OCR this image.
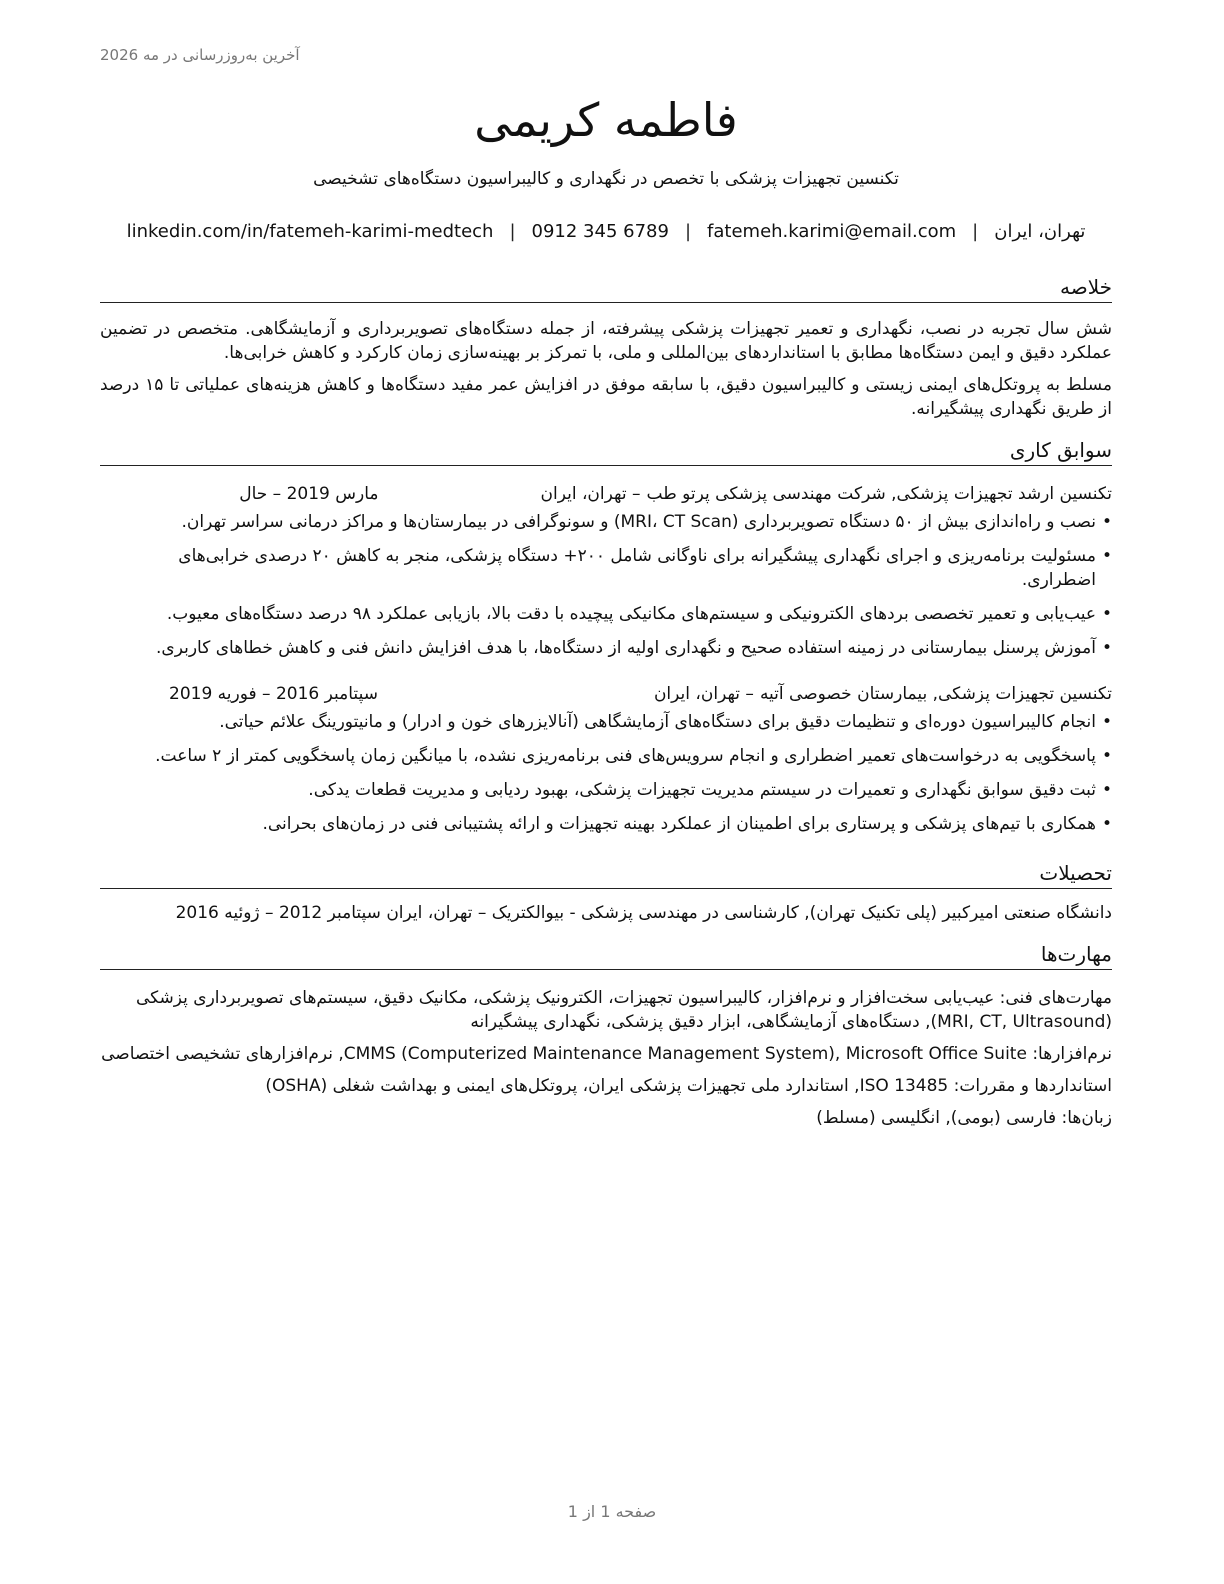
آخرین به‌روزرسانی در مه 2026
فاطمه کریمی
تکنسین تجهیزات پزشکی با تخصص در نگهداری و کالیبراسیون دستگاه‌های تشخیصی
تهران، ایران|fatemeh.karimi@email.com|0912 345 6789|linkedin.com/in/fatemeh-karimi-medtech
خلاصه

شش سال تجربه در نصب، نگهداری و تعمیر تجهیزات پزشکی پیشرفته، از جمله دستگاه‌های تصویربرداری و آزمایشگاهی. متخصص در تضمین عملکرد دقیق و ایمن دستگاه‌ها مطابق با استانداردهای بین‌المللی و ملی، با تمرکز بر بهینه‌سازی زمان کارکرد و کاهش خرابی‌ها.

مسلط به پروتکل‌های ایمنی زیستی و کالیبراسیون دقیق، با سابقه موفق در افزایش عمر مفید دستگاه‌ها و کاهش هزینه‌های عملیاتی تا ۱۵ درصد از طریق نگهداری پیشگیرانه.

سوابق کاری
تکنسین ارشد تجهیزات پزشکی, شرکت مهندسی پزشکی پرتو طب
– تهران، ایران
مارس 2019 – حال
•
نصب و راه‌اندازی بیش از ۵۰ دستگاه تصویربرداری (MRI، CT Scan) و سونوگرافی در بیمارستان‌ها و مراکز درمانی سراسر تهران.
•
مسئولیت برنامه‌ریزی و اجرای نگهداری پیشگیرانه برای ناوگانی شامل ۲۰۰+ دستگاه پزشکی، منجر به کاهش ۲۰ درصدی خرابی‌های اضطراری.
•
عیب‌یابی و تعمیر تخصصی بردهای الکترونیکی و سیستم‌های مکانیکی پیچیده با دقت بالا، بازیابی عملکرد ۹۸ درصد دستگاه‌های معیوب.
•
آموزش پرسنل بیمارستانی در زمینه استفاده صحیح و نگهداری اولیه از دستگاه‌ها، با هدف افزایش دانش فنی و کاهش خطاهای کاربری.
تکنسین تجهیزات پزشکی, بیمارستان خصوصی آتیه
– تهران، ایران
سپتامبر 2016 – فوریه 2019
•
انجام کالیبراسیون دوره‌ای و تنظیمات دقیق برای دستگاه‌های آزمایشگاهی (آنالایزرهای خون و ادرار) و مانیتورینگ علائم حیاتی.
•
پاسخگویی به درخواست‌های تعمیر اضطراری و انجام سرویس‌های فنی برنامه‌ریزی نشده، با میانگین زمان پاسخگویی کمتر از ۲ ساعت.
•
ثبت دقیق سوابق نگهداری و تعمیرات در سیستم مدیریت تجهیزات پزشکی، بهبود ردیابی و مدیریت قطعات یدکی.
•
همکاری با تیم‌های پزشکی و پرستاری برای اطمینان از عملکرد بهینه تجهیزات و ارائه پشتیبانی فنی در زمان‌های بحرانی.
تحصیلات
دانشگاه صنعتی امیرکبیر (پلی تکنیک تهران), کارشناسی در مهندسی پزشکی - بیوالکتریک – تهران، ایران سپتامبر 2012 – ژوئیه 2016
مهارت‌ها

مهارت‌های فنی: عیب‌یابی سخت‌افزار و نرم‌افزار، کالیبراسیون تجهیزات، الکترونیک پزشکی، مکانیک دقیق، سیستم‌های تصویربرداری پزشکی (MRI, CT, Ultrasound), دستگاه‌های آزمایشگاهی، ابزار دقیق پزشکی، نگهداری پیشگیرانه

نرم‌افزارها: CMMS (Computerized Maintenance Management System), Microsoft Office Suite, نرم‌افزارهای تشخیصی اختصاصی

استانداردها و مقررات: ISO 13485, استاندارد ملی تجهیزات پزشکی ایران، پروتکل‌های ایمنی و بهداشت شغلی (OSHA)

زبان‌ها: فارسی (بومی), انگلیسی (مسلط)

صفحه 1 از 1
